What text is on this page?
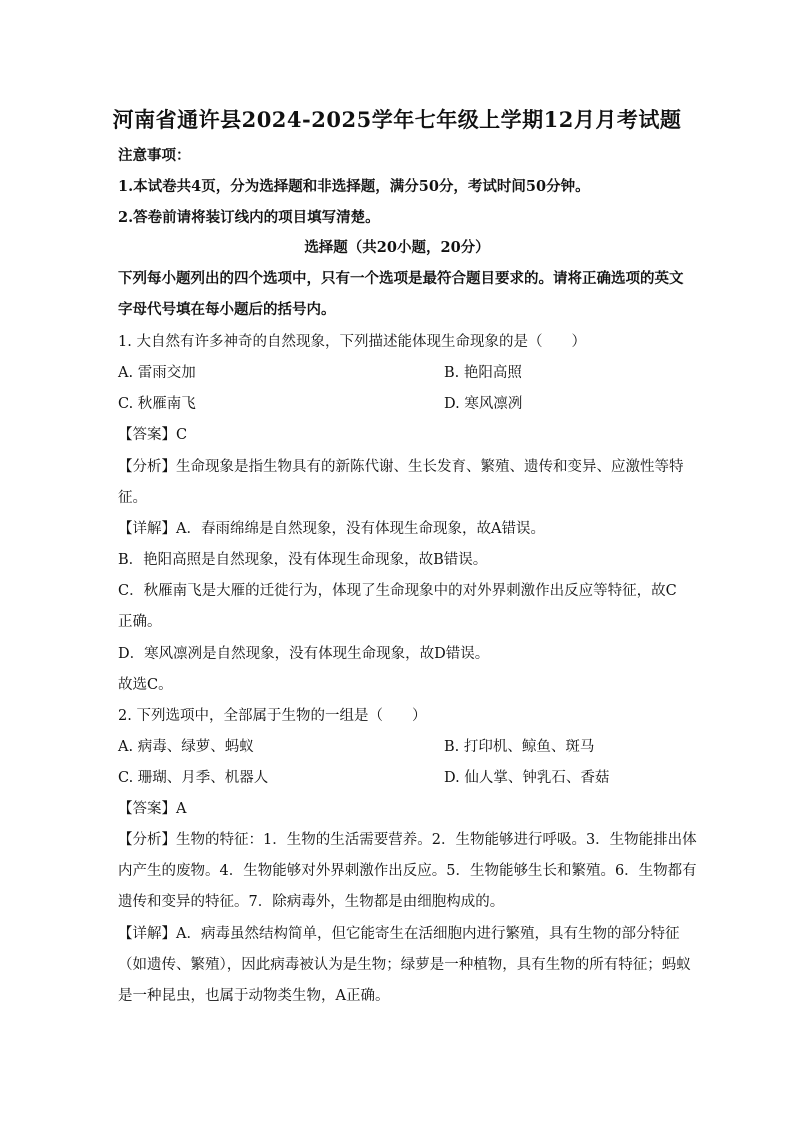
河南省通许县2024-2025学年七年级上学期12月月考试题
注意事项：
1.本试卷共4页，分为选择题和非选择题，满分50分，考试时间50分钟。
2.答卷前请将装订线内的项目填写清楚。
选择题（共20小题，20分）
下列每小题列出的四个选项中，只有一个选项是最符合题目要求的。请将正确选项的英文
字母代号填在每小题后的括号内。
1. 大自然有许多神奇的自然现象，下列描述能体现生命现象的是（　　）
A. 雷雨交加	B. 艳阳高照
C. 秋雁南飞	D. 寒风凛冽
【答案】C
【分析】生命现象是指生物具有的新陈代谢、生长发育、繁殖、遗传和变异、应激性等特
征。
【详解】A．春雨绵绵是自然现象，没有体现生命现象，故A错误。
B．艳阳高照是自然现象，没有体现生命现象，故B错误。
C．秋雁南飞是大雁的迁徙行为，体现了生命现象中的对外界刺激作出反应等特征，故C
正确。
D．寒风凛冽是自然现象，没有体现生命现象，故D错误。
故选C。
2. 下列选项中，全部属于生物的一组是（　　）
A. 病毒、绿萝、蚂蚁	B. 打印机、鲸鱼、斑马
C. 珊瑚、月季、机器人	D. 仙人掌、钟乳石、香菇
【答案】A
【分析】生物的特征：1．生物的生活需要营养。2．生物能够进行呼吸。3．生物能排出体
内产生的废物。4．生物能够对外界刺激作出反应。5．生物能够生长和繁殖。6．生物都有
遗传和变异的特征。7．除病毒外，生物都是由细胞构成的。
【详解】A．病毒虽然结构简单，但它能寄生在活细胞内进行繁殖，具有生物的部分特征
（如遗传、繁殖），因此病毒被认为是生物；绿萝是一种植物，具有生物的所有特征；蚂蚁
是一种昆虫，也属于动物类生物，A正确。
